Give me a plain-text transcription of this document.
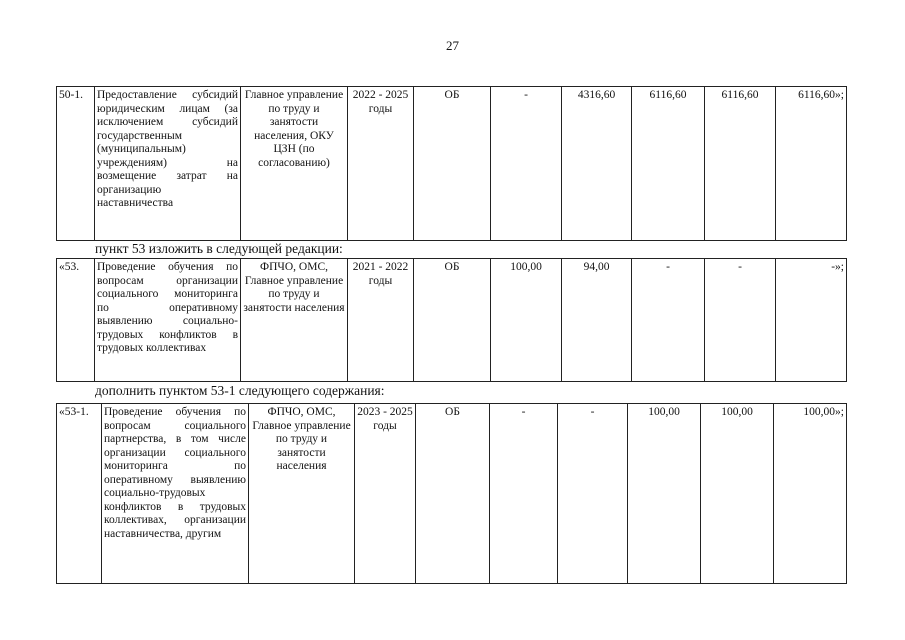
27
50-1.	Предоставление субсидий юридическим лицам (за исключением субсидий государственным (муниципальным) учреждениям) на возмещение затрат на организацию наставничества	Главное управление по труду и занятости населения, ОКУ ЦЗН (по согласованию)	2022 - 2025 годы	ОБ	-	4316,60	6116,60	6116,60	6116,60»;
пункт 53 изложить в следующей редакции:
«53.	Проведение обучения по вопросам организации социального мониторинга по оперативному выявлению социально-трудовых конфликтов в трудовых коллективах	ФПЧО, ОМС, Главное управление по труду и занятости населения	2021 - 2022 годы	ОБ	100,00	94,00	-	-	-»;
дополнить пунктом 53-1 следующего содержания:
«53-1.	Проведение обучения по вопросам социального партнерства, в том числе организации социального мониторинга по оперативному выявлению социально-трудовых конфликтов в трудовых коллективах, организации наставничества, другим	ФПЧО, ОМС, Главное управление по труду и занятости населения	2023 - 2025 годы	ОБ	-	-	100,00	100,00	100,00»;
